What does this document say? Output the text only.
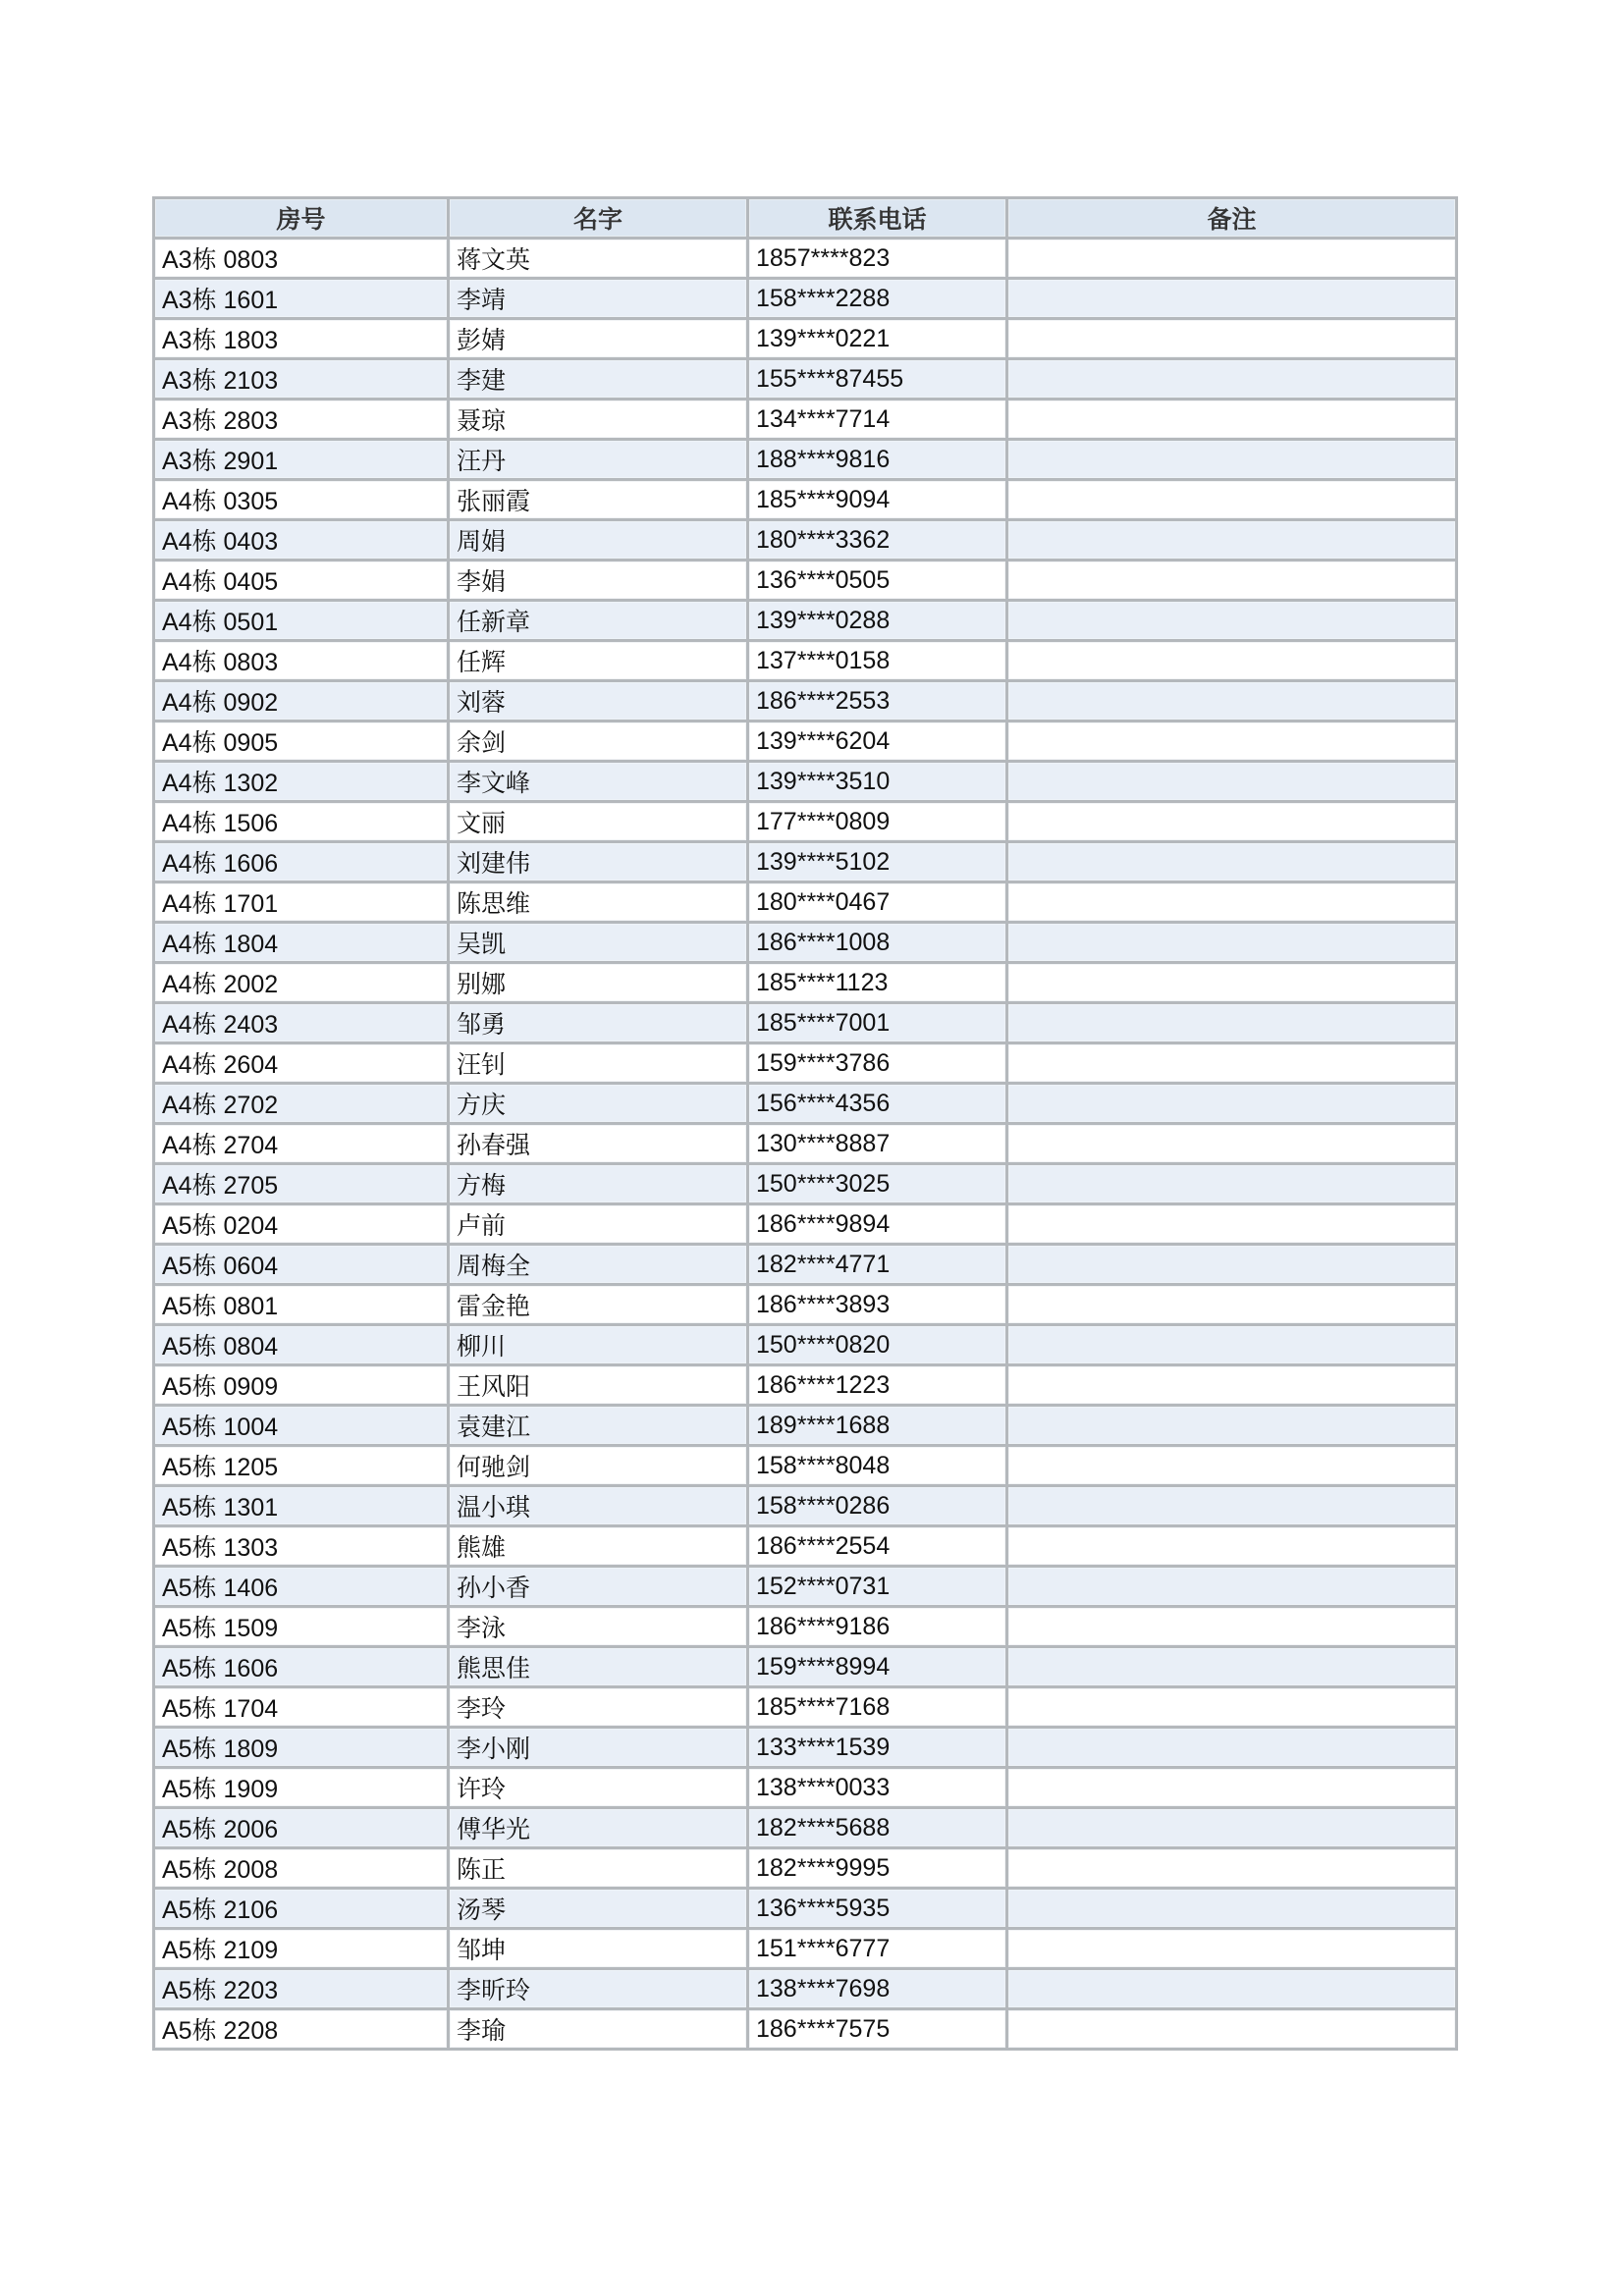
房号	名字	联系电话	备注
A3栋 0803	蒋文英	1857****823	
A3栋 1601	李靖	158****2288	
A3栋 1803	彭婧	139****0221	
A3栋 2103	李建	155****87455	
A3栋 2803	聂琼	134****7714	
A3栋 2901	汪丹	188****9816	
A4栋 0305	张丽霞	185****9094	
A4栋 0403	周娟	180****3362	
A4栋 0405	李娟	136****0505	
A4栋 0501	任新章	139****0288	
A4栋 0803	任辉	137****0158	
A4栋 0902	刘蓉	186****2553	
A4栋 0905	余剑	139****6204	
A4栋 1302	李文峰	139****3510	
A4栋 1506	文丽	177****0809	
A4栋 1606	刘建伟	139****5102	
A4栋 1701	陈思维	180****0467	
A4栋 1804	吴凯	186****1008	
A4栋 2002	别娜	185****1123	
A4栋 2403	邹勇	185****7001	
A4栋 2604	汪钊	159****3786	
A4栋 2702	方庆	156****4356	
A4栋 2704	孙春强	130****8887	
A4栋 2705	方梅	150****3025	
A5栋 0204	卢前	186****9894	
A5栋 0604	周梅全	182****4771	
A5栋 0801	雷金艳	186****3893	
A5栋 0804	柳川	150****0820	
A5栋 0909	王风阳	186****1223	
A5栋 1004	袁建江	189****1688	
A5栋 1205	何驰剑	158****8048	
A5栋 1301	温小琪	158****0286	
A5栋 1303	熊雄	186****2554	
A5栋 1406	孙小香	152****0731	
A5栋 1509	李泳	186****9186	
A5栋 1606	熊思佳	159****8994	
A5栋 1704	李玲	185****7168	
A5栋 1809	李小刚	133****1539	
A5栋 1909	许玲	138****0033	
A5栋 2006	傅华光	182****5688	
A5栋 2008	陈正	182****9995	
A5栋 2106	汤琴	136****5935	
A5栋 2109	邹坤	151****6777	
A5栋 2203	李昕玲	138****7698	
A5栋 2208	李瑜	186****7575	
